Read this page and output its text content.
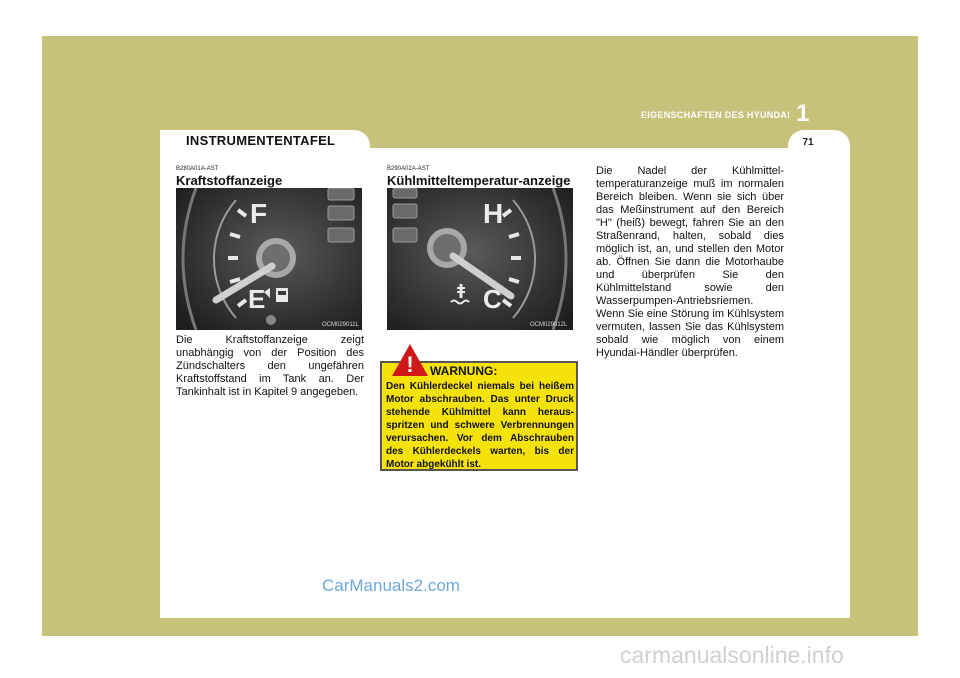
INSTRUMENTENTAFEL	71
EIGENSCHAFTEN DES HYUNDAI 1
B280A01A-AST
Kraftstoffanzeige
F
E
OCM029011L
Die Kraftstoffanzeige zeigt unabhängig von der Position des Zündschalters den ungefähren Kraftstoffstand im Tank an. Der Tankinhalt ist in Kapitel 9 angegeben.
B290A02A-AST
Kühlmitteltemperatur-anzeige
H
C
OCM029012L
! WARNUNG:
Den Kühlerdeckel niemals bei heißem Motor abschrauben. Das unter Druck stehende Kühlmittel kann herausspritzen und schwere Verbrennungen verursachen. Vor dem Abschrauben des Kühlerdeckels warten, bis der Motor abgekühlt ist.
Die Nadel der Kühlmittel-temperaturanzeige muß im normalen Bereich bleiben. Wenn sie sich über das Meßinstrument auf den Bereich "H" (heiß) bewegt, fahren Sie an den Straßenrand, halten, sobald dies möglich ist, an, und stellen den Motor ab. Öffnen Sie dann die Motorhaube und überprüfen Sie den Kühlmittelstand sowie den Wasserpumpen-Antriebsriemen. Wenn Sie eine Störung im Kühlsystem vermuten, lassen Sie das Kühlsystem sobald wie möglich von einem Hyundai-Händler überprüfen.
CarManuals2.com
carmanualsonline.info
